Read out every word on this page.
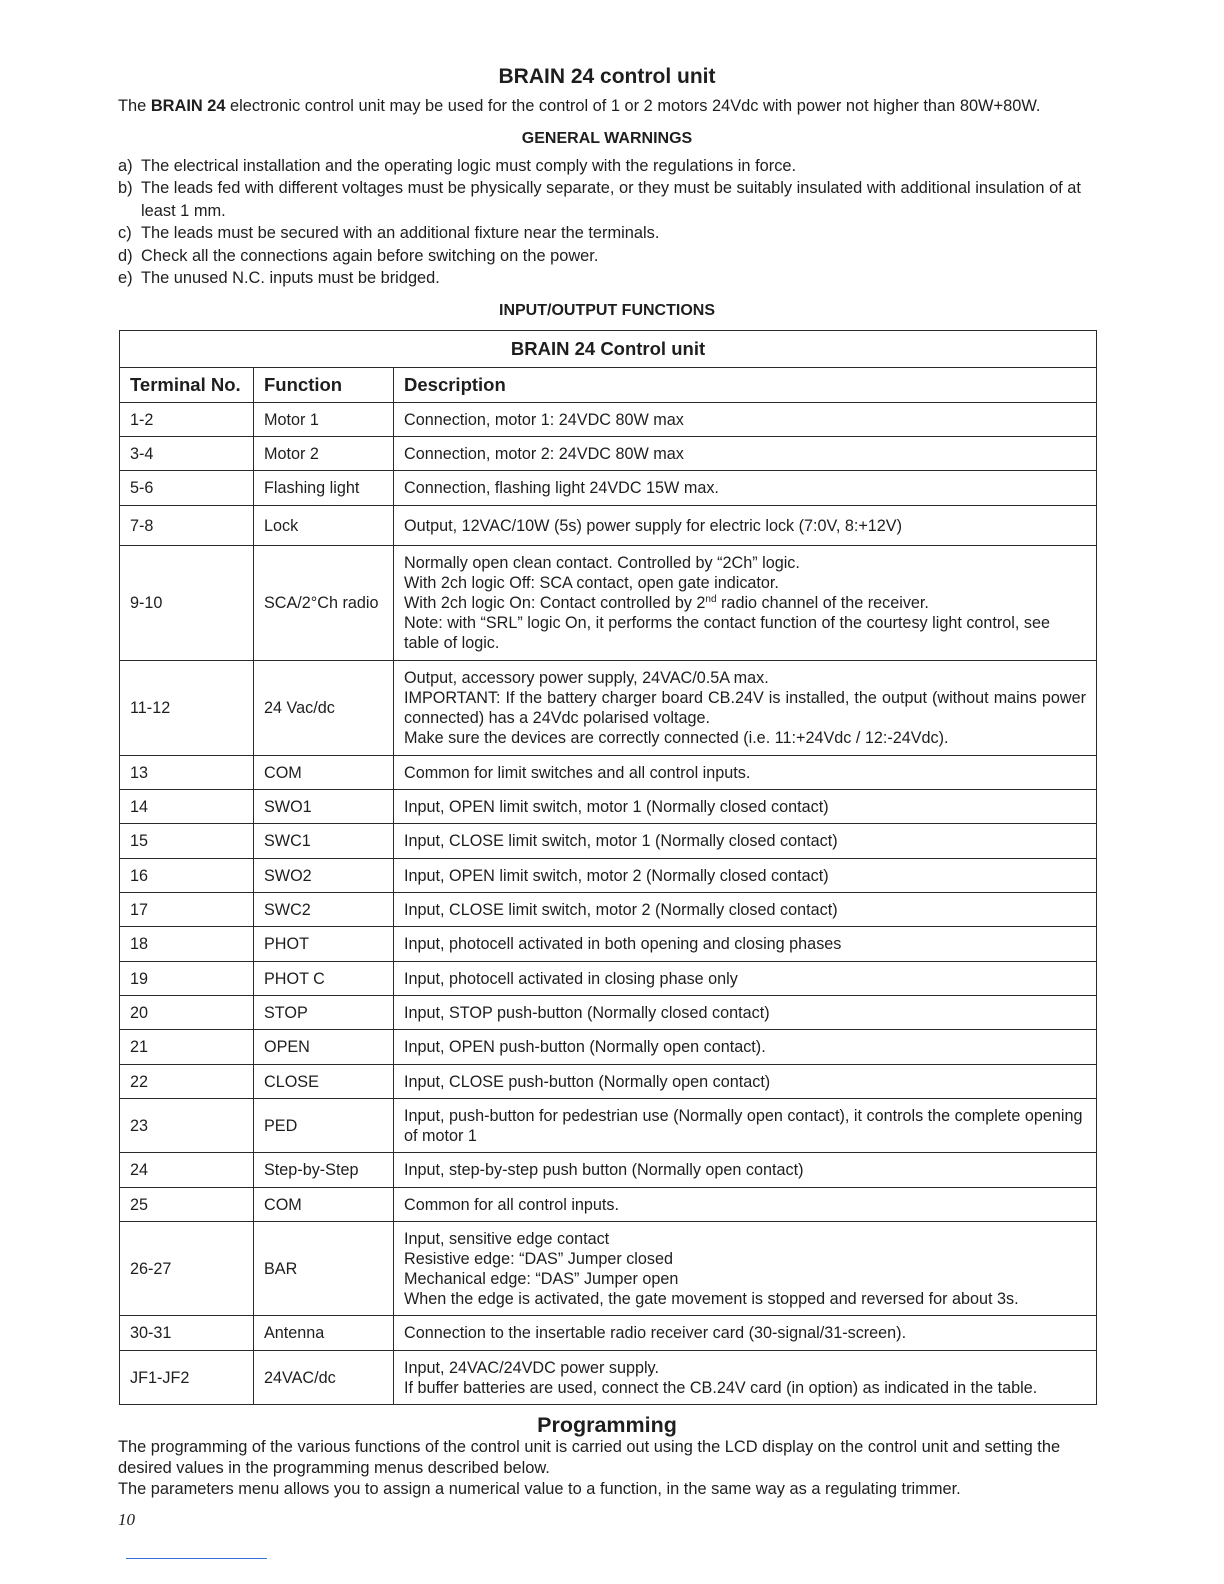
BRAIN 24 control unit
The BRAIN 24 electronic control unit may be used for the control of 1 or 2 motors 24Vdc with power not higher than 80W+80W.
GENERAL WARNINGS
a) The electrical installation and the operating logic must comply with the regulations in force.
b) The leads fed with different voltages must be physically separate, or they must be suitably insulated with additional insulation of at least 1 mm.
c) The leads must be secured with an additional fixture near the terminals.
d) Check all the connections again before switching on the power.
e) The unused N.C. inputs must be bridged.
INPUT/OUTPUT FUNCTIONS
BRAIN 24 Control unit		
Terminal No.	Function	Description
1-2	Motor 1	Connection, motor 1: 24VDC 80W max

3-4	Motor 2	Connection, motor 2: 24VDC 80W max

5-6	Flashing light	Connection, flashing light 24VDC 15W max.

7-8	Lock	Output, 12VAC/10W (5s) power supply for electric lock (7:0V, 8:+12V)

9-10	SCA/2°Ch radio	Normally open clean contact. Controlled by “2Ch” logic.
With 2ch logic Off: SCA contact, open gate indicator.
With 2ch logic On: Contact controlled by 2nd radio channel of the receiver.
Note: with “SRL” logic On, it performs the contact function of the courtesy light control, see table of logic.

11-12	24 Vac/dc	Output, accessory power supply, 24VAC/0.5A max.
IMPORTANT: If the battery charger board CB.24V is installed, the output (without mains power connected) has a 24Vdc polarised voltage.
Make sure the devices are correctly connected (i.e. 11:+24Vdc / 12:-24Vdc).

13	COM	Common for limit switches and all control inputs.

14	SWO1	Input, OPEN limit switch, motor 1 (Normally closed contact)

15	SWC1	Input, CLOSE limit switch, motor 1 (Normally closed contact)

16	SWO2	Input, OPEN limit switch, motor 2 (Normally closed contact)

17	SWC2	Input, CLOSE limit switch, motor 2 (Normally closed contact)

18	PHOT	Input, photocell activated in both opening and closing phases

19	PHOT C	Input, photocell activated in closing phase only

20	STOP	Input, STOP push-button (Normally closed contact)

21	OPEN	Input, OPEN push-button (Normally open contact).

22	CLOSE	Input, CLOSE push-button (Normally open contact)

23	PED	Input, push-button for pedestrian use (Normally open contact), it controls the complete opening of motor 1
24	Step-by-Step	Input, step-by-step push button (Normally open contact)

25	COM	Common for all control inputs.

26-27	BAR	Input, sensitive edge contact
Resistive edge: “DAS” Jumper closed
Mechanical edge: “DAS” Jumper open
When the edge is activated, the gate movement is stopped and reversed for about 3s.

30-31	Antenna	Connection to the insertable radio receiver card (30-signal/31-screen).

JF1-JF2	24VAC/dc	Input, 24VAC/24VDC power supply.
If buffer batteries are used, connect the CB.24V card (in option) as indicated in the table.
Programming

The programming of the various functions of the control unit is carried out using the LCD display on the control unit and setting the desired values in the programming menus described below.

The parameters menu allows you to assign a numerical value to a function, in the same way as a regulating trimmer.

10
